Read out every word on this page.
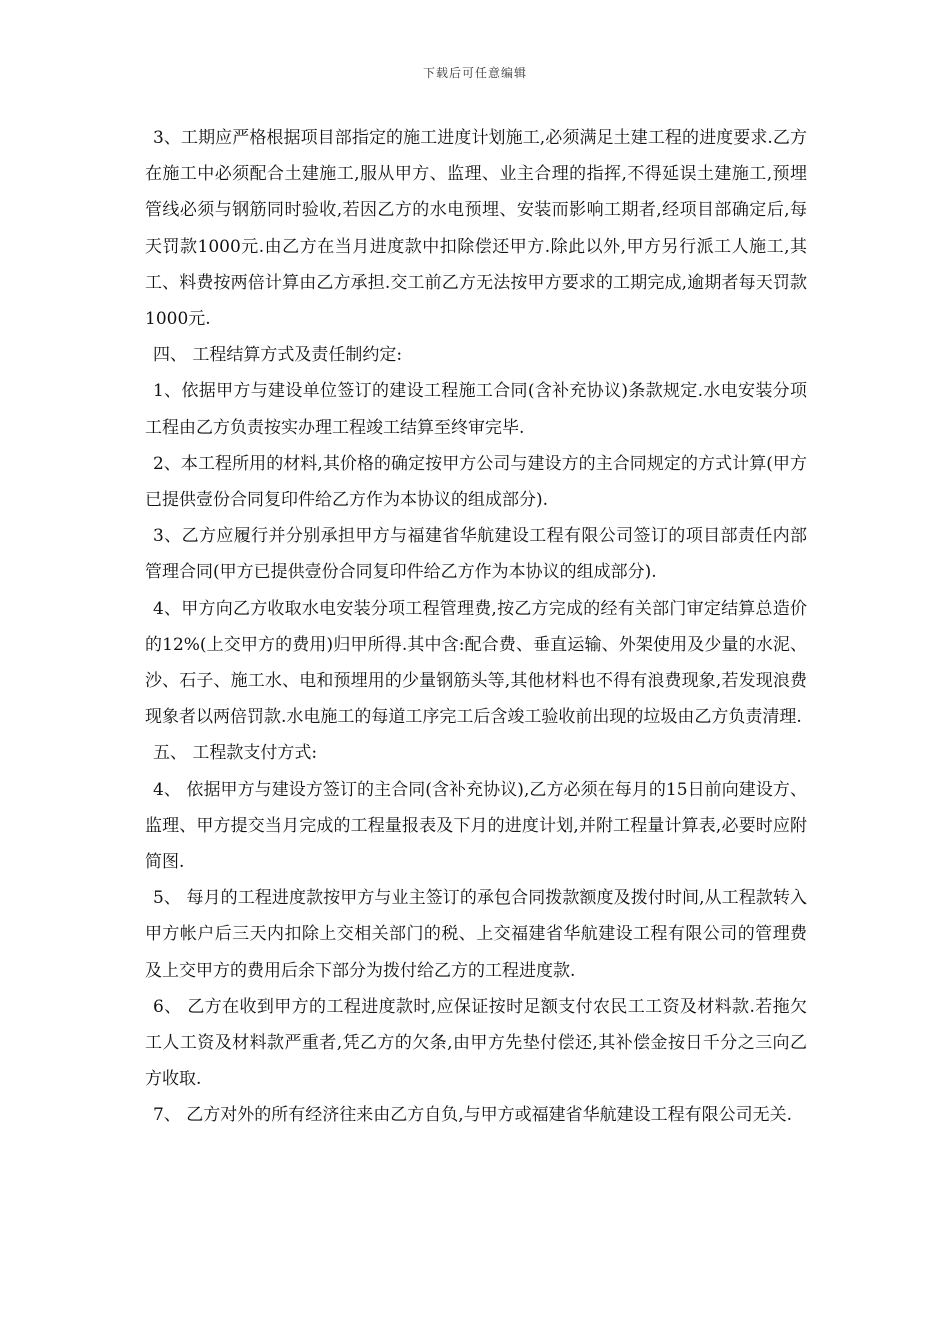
下载后可任意编辑

3、工期应严格根据项目部指定的施工进度计划施工,必须满足土建工程的进度要求.乙方在施工中必须配合土建施工,服从甲方、监理、业主合理的指挥,不得延误土建施工,预埋管线必须与钢筋同时验收,若因乙方的水电预埋、安装而影响工期者,经项目部确定后,每天罚款1000元.由乙方在当月进度款中扣除偿还甲方.除此以外,甲方另行派工人施工,其工、料费按两倍计算由乙方承担.交工前乙方无法按甲方要求的工期完成,逾期者每天罚款1000元.

四、 工程结算方式及责任制约定:

1、依据甲方与建设单位签订的建设工程施工合同(含补充协议)条款规定.水电安装分项工程由乙方负责按实办理工程竣工结算至终审完毕.

2、本工程所用的材料,其价格的确定按甲方公司与建设方的主合同规定的方式计算(甲方已提供壹份合同复印件给乙方作为本协议的组成部分).

3、乙方应履行并分别承担甲方与福建省华航建设工程有限公司签订的项目部责任内部管理合同(甲方已提供壹份合同复印件给乙方作为本协议的组成部分).

4、甲方向乙方收取水电安装分项工程管理费,按乙方完成的经有关部门审定结算总造价的12%(上交甲方的费用)归甲所得.其中含:配合费、垂直运输、外架使用及少量的水泥、沙、石子、施工水、电和预埋用的少量钢筋头等,其他材料也不得有浪费现象,若发现浪费现象者以两倍罚款.水电施工的每道工序完工后含竣工验收前出现的垃圾由乙方负责清理.

五、 工程款支付方式:

4、 依据甲方与建设方签订的主合同(含补充协议),乙方必须在每月的15日前向建设方、监理、甲方提交当月完成的工程量报表及下月的进度计划,并附工程量计算表,必要时应附简图.

5、 每月的工程进度款按甲方与业主签订的承包合同拨款额度及拨付时间,从工程款转入甲方帐户后三天内扣除上交相关部门的税、上交福建省华航建设工程有限公司的管理费及上交甲方的费用后余下部分为拨付给乙方的工程进度款.

6、 乙方在收到甲方的工程进度款时,应保证按时足额支付农民工工资及材料款.若拖欠工人工资及材料款严重者,凭乙方的欠条,由甲方先垫付偿还,其补偿金按日千分之三向乙方收取.

7、 乙方对外的所有经济往来由乙方自负,与甲方或福建省华航建设工程有限公司无关.
